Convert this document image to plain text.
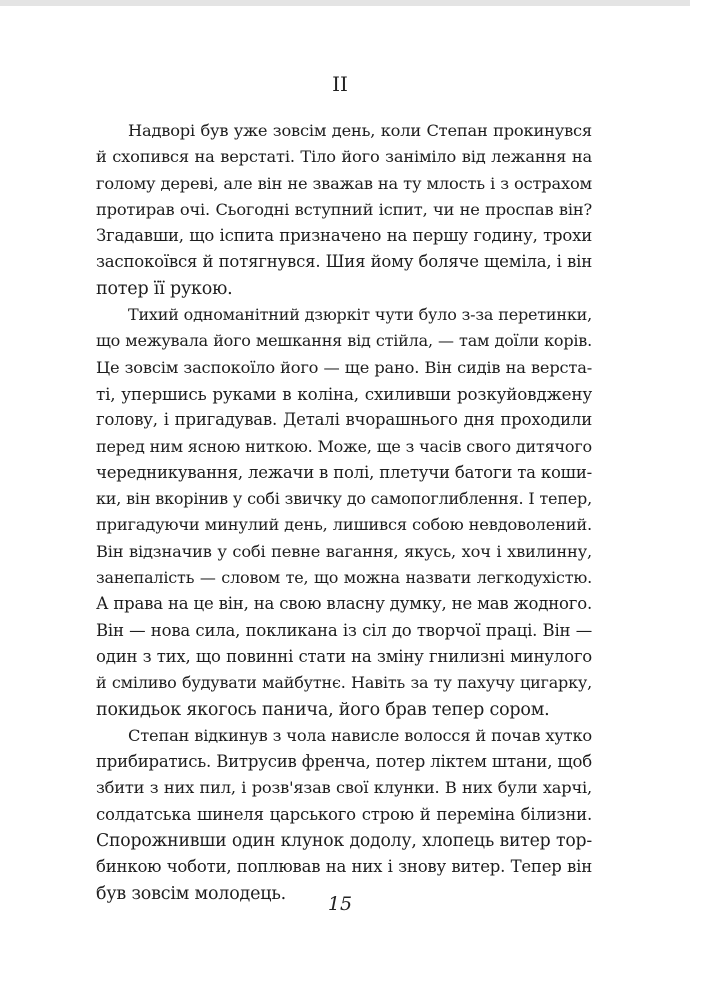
II
Надворі був уже зовсім день, коли Степан прокинувся
й схопився на верстаті. Тіло його заніміло від лежання на
голому дереві, але він не зважав на ту млость і з острахом
протирав очі. Сьогодні вступний іспит, чи не проспав він?
Згадавши, що іспита призначено на першу годину, трохи
заспокоївся й потягнувся. Шия йому боляче щеміла, і він
потер її рукою.
Тихий одноманітний дзюркіт чути було з-за перетинки,
що межувала його мешкання від стійла, — там доїли корів.
Це зовсім заспокоїло його — ще рано. Він сидів на верста-
ті, упершись руками в коліна, схиливши розкуйовджену
голову, і пригадував. Деталі вчорашнього дня проходили
перед ним ясною ниткою. Може, ще з часів свого дитячого
чередникування, лежачи в полі, плетучи батоги та коши-
ки, він вкорінив у собі звичку до самопоглиблення. І тепер,
пригадуючи минулий день, лишився собою невдоволений.
Він відзначив у собі певне вагання, якусь, хоч і хвилинну,
занепалість — словом те, що можна назвати легкодухістю.
А права на це він, на свою власну думку, не мав жодного.
Він — нова сила, покликана із сіл до творчої праці. Він —
один з тих, що повинні стати на зміну гнилизні минулого
й сміливо будувати майбутнє. Навіть за ту пахучу цигарку,
покидьок якогось панича, його брав тепер сором.
Степан відкинув з чола нависле волосся й почав хутко
прибиратись. Витрусив френча, потер ліктем штани, щоб
збити з них пил, і розв'язав свої клунки. В них були харчі,
солдатська шинеля царського строю й переміна білизни.
Спорожнивши один клунок додолу, хлопець витер тор-
бинкою чоботи, поплював на них і знову витер. Тепер він
був зовсім молодець.	15
